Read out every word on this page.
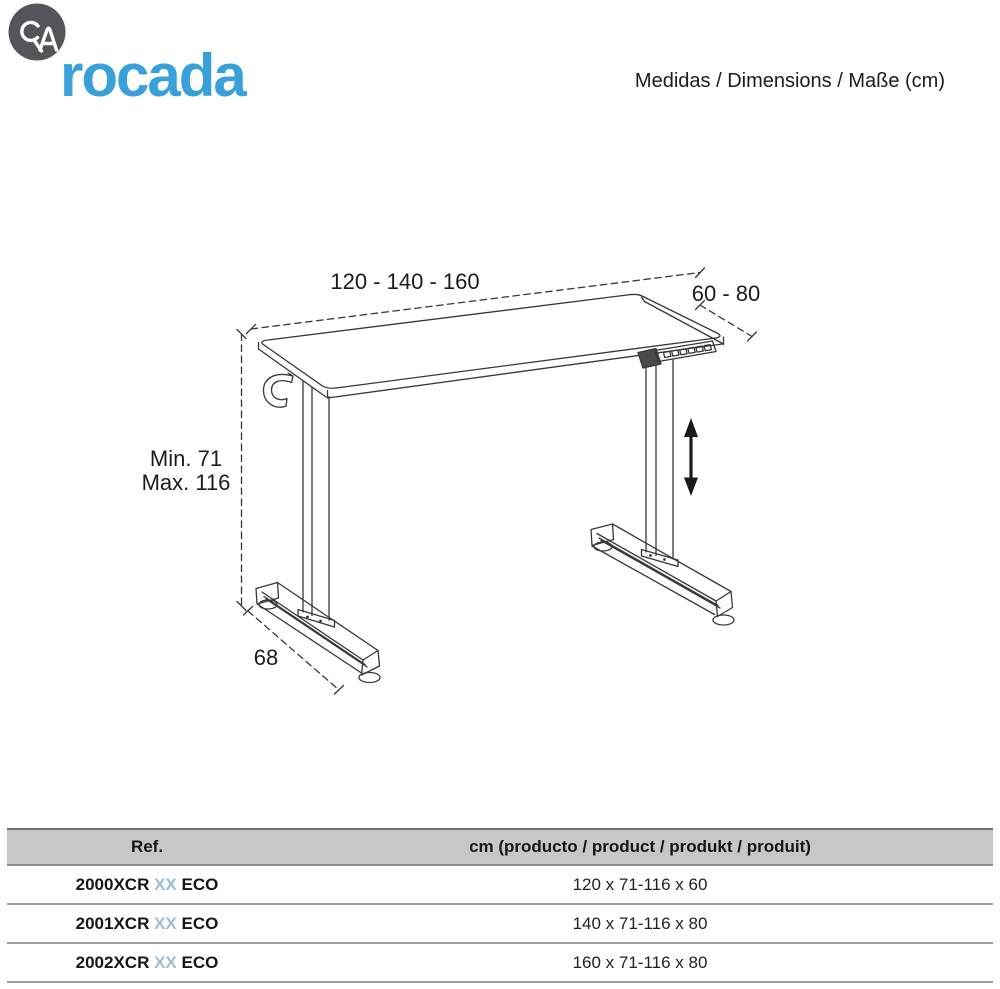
rocada	Medidas / Dimensions / Maße (cm)
120 - 140 - 160	60 - 80
Min. 71
Max. 116
68
Ref.	cm (producto / product / produkt / produit)
2000XCR XX ECO	120 x 71-116 x 60
2001XCR XX ECO	140 x 71-116 x 80
2002XCR XX ECO	160 x 71-116 x 80
